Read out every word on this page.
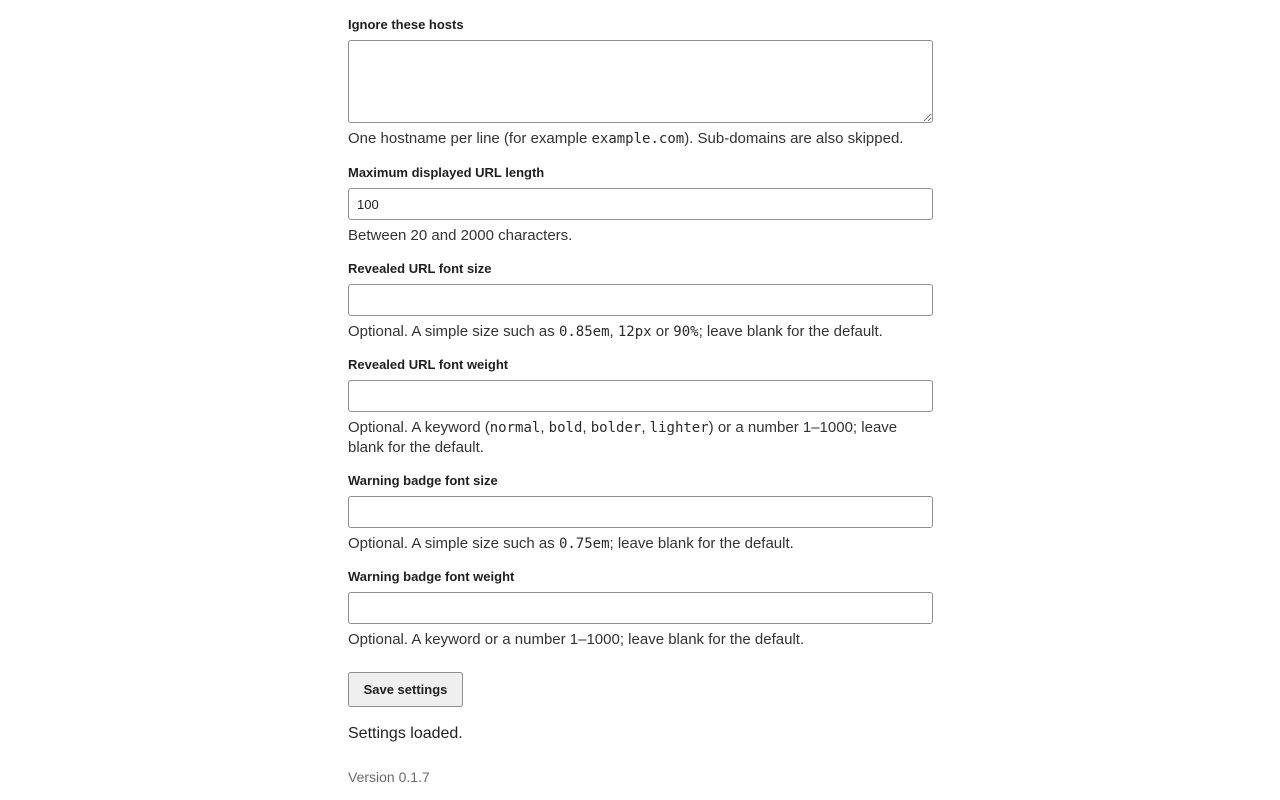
Ignore these hosts

One hostname per line (for example example.com). Sub-domains are also skipped.

Maximum displayed URL length
100

Between 20 and 2000 characters.

Revealed URL font size

Optional. A simple size such as 0.85em, 12px or 90%; leave blank for the default.

Revealed URL font weight

Optional. A keyword (normal, bold, bolder, lighter) or a number 1–1000; leave blank for the default.

Warning badge font size

Optional. A simple size such as 0.75em; leave blank for the default.

Warning badge font weight

Optional. A keyword or a number 1–1000; leave blank for the default.

Save settings
Settings loaded.
Version 0.1.7
